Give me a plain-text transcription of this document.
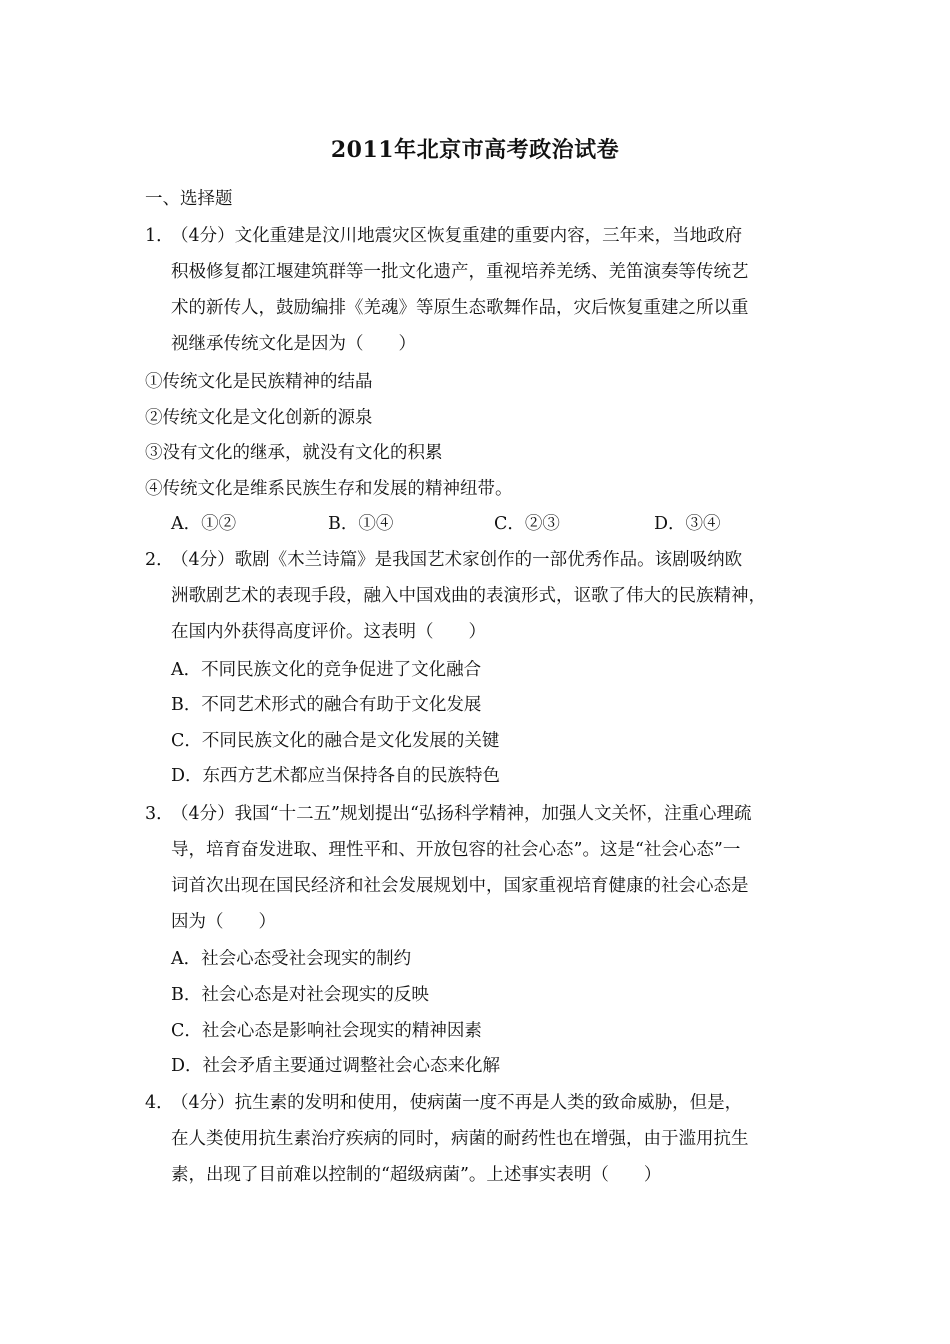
2011年北京市高考政治试卷
一、选择题
1．
（4分）文化重建是汶川地震灾区恢复重建的重要内容，三年来，当地政府
积极修复都江堰建筑群等一批文化遗产，重视培养羌绣、羌笛演奏等传统艺
术的新传人，鼓励编排《羌魂》等原生态歌舞作品，灾后恢复重建之所以重
视继承传统文化是因为（　　）
①传统文化是民族精神的结晶
②传统文化是文化创新的源泉
③没有文化的继承，就没有文化的积累
④传统文化是维系民族生存和发展的精神纽带。
A．①②	B．①④	C．②③	D．③④
2．
（4分）歌剧《木兰诗篇》是我国艺术家创作的一部优秀作品。该剧吸纳欧
洲歌剧艺术的表现手段，融入中国戏曲的表演形式，讴歌了伟大的民族精神，
在国内外获得高度评价。这表明（　　）
A．不同民族文化的竞争促进了文化融合
B．不同艺术形式的融合有助于文化发展
C．不同民族文化的融合是文化发展的关键
D．东西方艺术都应当保持各自的民族特色
3．
（4分）我国“十二五”规划提出“弘扬科学精神，加强人文关怀，注重心理疏
导，培育奋发进取、理性平和、开放包容的社会心态”。这是“社会心态”一
词首次出现在国民经济和社会发展规划中，国家重视培育健康的社会心态是
因为（　　）
A．社会心态受社会现实的制约
B．社会心态是对社会现实的反映
C．社会心态是影响社会现实的精神因素
D．社会矛盾主要通过调整社会心态来化解
4．
（4分）抗生素的发明和使用，使病菌一度不再是人类的致命威胁，但是，
在人类使用抗生素治疗疾病的同时，病菌的耐药性也在增强，由于滥用抗生
素，出现了目前难以控制的“超级病菌”。上述事实表明（　　）
